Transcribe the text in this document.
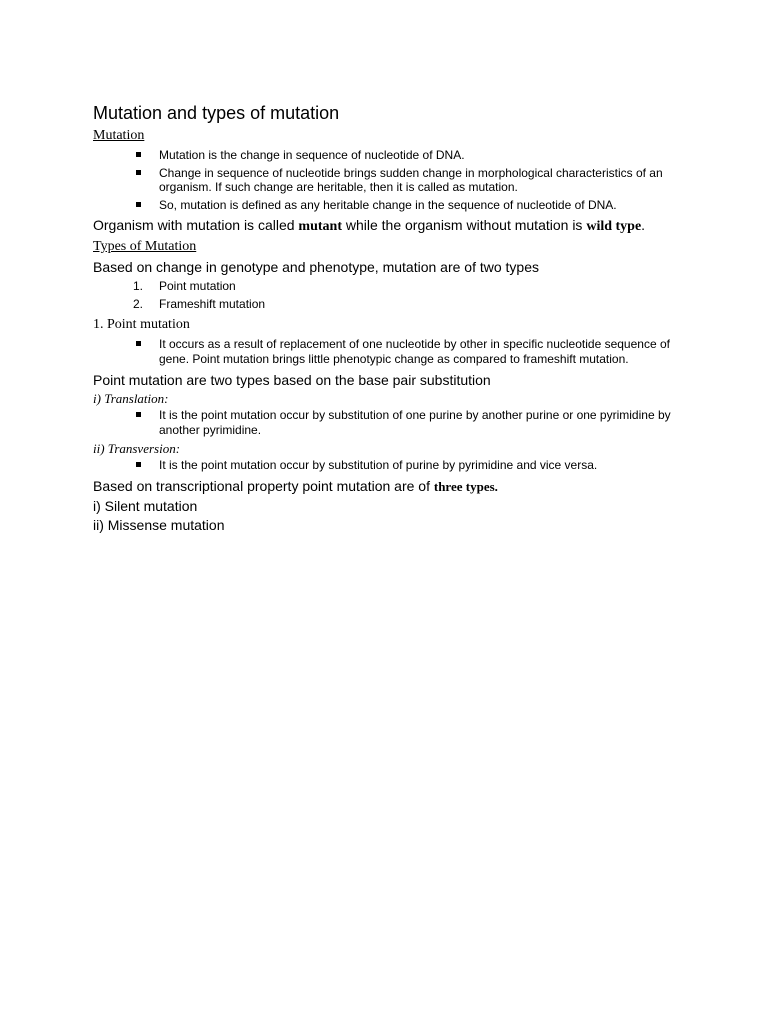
Mutation and types of mutation
Mutation
Mutation is the change in sequence of nucleotide of DNA.
Change in sequence of nucleotide brings sudden change in morphological characteristics of an organism. If such change are heritable, then it is called as mutation.
So, mutation is defined as any heritable change in the sequence of nucleotide of DNA.

Organism with mutation is called mutant while the organism without mutation is wild type.

Types of Mutation

Based on change in genotype and phenotype, mutation are of two types

1. Point mutation
2. Frameshift mutation
1. Point mutation
It occurs as a result of replacement of one nucleotide by other in specific nucleotide sequence of gene. Point mutation brings little phenotypic change as compared to frameshift mutation.

Point mutation are two types based on the base pair substitution

i) Translation:
It is the point mutation occur by substitution of one purine by another purine or one pyrimidine by another pyrimidine.
ii) Transversion:
It is the point mutation occur by substitution of purine by pyrimidine and vice versa.

Based on transcriptional property point mutation are of three types.

i) Silent mutation

ii) Missense mutation
